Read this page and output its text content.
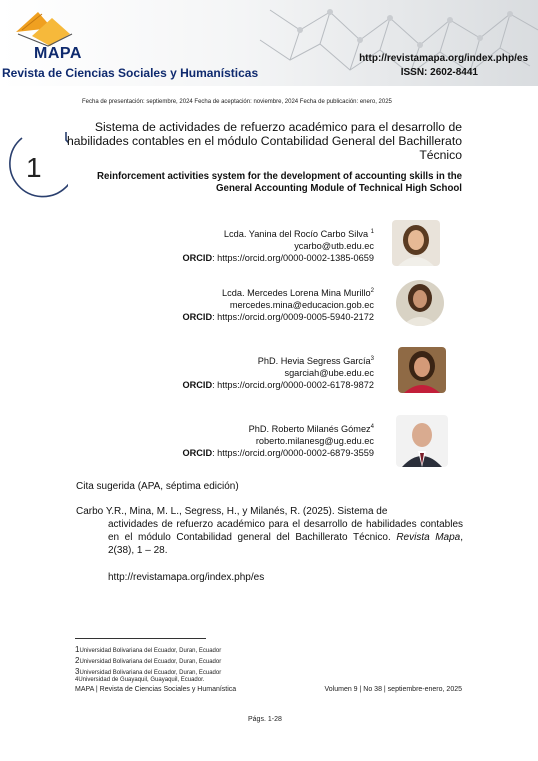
MAPA
Revista de Ciencias Sociales y Humanísticas
http://revistamapa.org/index.php/es
ISSN: 2602-8441
Fecha de presentación: septiembre, 2024 Fecha de aceptación: noviembre, 2024 Fecha de publicación: enero, 2025
1
Sistema de actividades de refuerzo académico para el desarrollo de habilidades contables en el módulo Contabilidad General del Bachillerato Técnico
Reinforcement activities system for the development of accounting skills in the General Accounting Module of Technical High School
Lcda. Yanina del Rocío Carbo Silva $^1$
ycarbo@utb.edu.ec
ORCID: https://orcid.org/0000-0002-1385-0659
Lcda. Mercedes Lorena Mina Murillo$^2$
mercedes.mina@educacion.gob.ec
ORCID: https://orcid.org/0009-0005-5940-2172
PhD. Hevia Segress García$^3$
sgarciah@ube.edu.ec
ORCID: https://orcid.org/0000-0002-6178-9872
PhD. Roberto Milanés Gómez$^4$
roberto.milanesg@ug.edu.ec
ORCID: https://orcid.org/0000-0002-6879-3559
Cita sugerida (APA, séptima edición)
Carbo Y.R., Mina, M. L., Segress, H., y Milanés, R. (2025). Sistema de
actividades de refuerzo académico para el desarrollo de habilidades contables en el módulo Contabilidad general del Bachillerato Técnico. Revista Mapa, 2(38), 1 – 28.
http://revistamapa.org/index.php/es
1Universidad Bolivariana del Ecuador, Duran, Ecuador
2Universidad Bolivariana del Ecuador, Duran, Ecuador
3Universidad Bolivariana del Ecuador, Duran, Ecuador
4Universidad de Guayaquil, Guayaquil, Ecuador.
MAPA | Revista de Ciencias Sociales y Humanística	Volumen 9 | No 38 | septiembre-enero, 2025
Págs. 1-28
